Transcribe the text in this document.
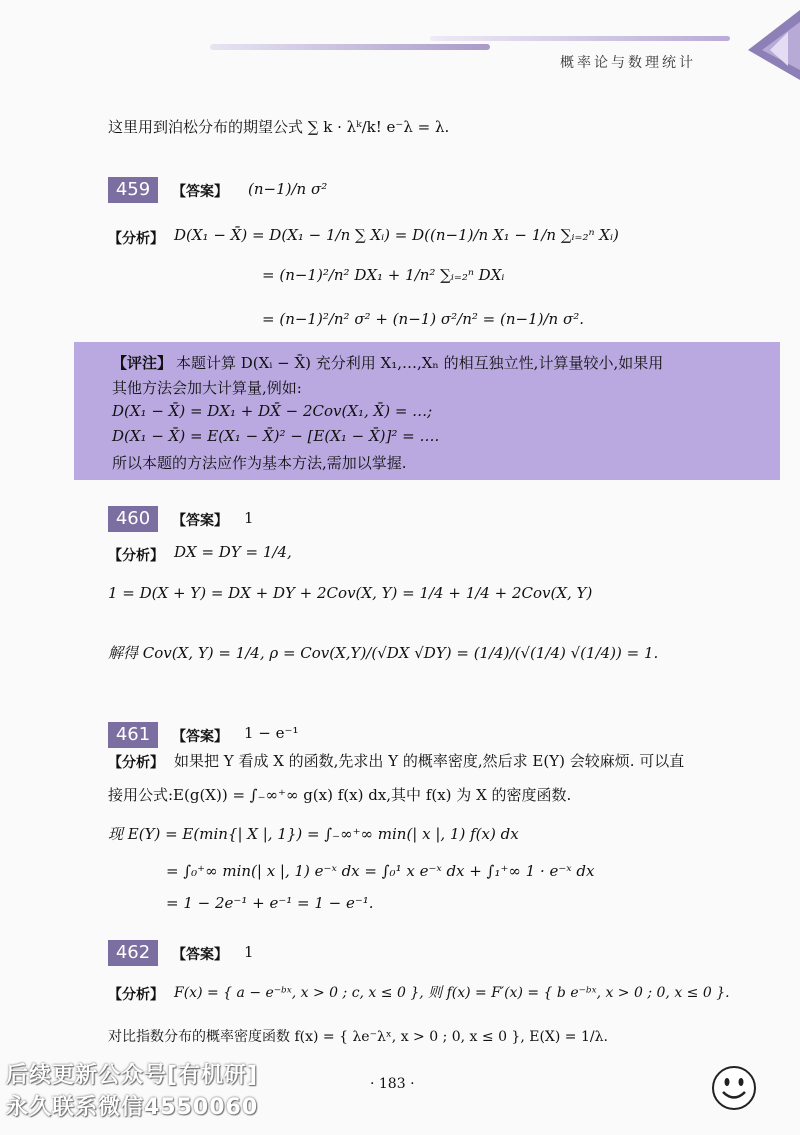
概率论与数理统计
这里用到泊松分布的期望公式 ∑ k · λᵏ/k! e⁻λ = λ.
459	【答案】 (n−1)/n σ²
【分析】 D(X₁ − X̄) = D(X₁ − 1/n ∑ Xᵢ) = D((n−1)/n X₁ − 1/n ∑ᵢ₌₂ⁿ Xᵢ)
= (n−1)²/n² DX₁ + 1/n² ∑ᵢ₌₂ⁿ DXᵢ
= (n−1)²/n² σ² + (n−1) σ²/n² = (n−1)/n σ².
【评注】 本题计算 D(Xᵢ − X̄) 充分利用 X₁,…,Xₙ 的相互独立性,计算量较小,如果用
其他方法会加大计算量,例如:
D(X₁ − X̄) = DX₁ + DX̄ − 2Cov(X₁, X̄) = …;
D(X₁ − X̄) = E(X₁ − X̄)² − [E(X₁ − X̄)]² = ….
所以本题的方法应作为基本方法,需加以掌握.
460	【答案】 1
【分析】 DX = DY = 1/4,
1 = D(X + Y) = DX + DY + 2Cov(X, Y) = 1/4 + 1/4 + 2Cov(X, Y)
解得 Cov(X, Y) = 1/4, ρ = Cov(X,Y)/(√DX √DY) = (1/4)/(√(1/4) √(1/4)) = 1.
461	【答案】 1 − e⁻¹
【分析】 如果把 Y 看成 X 的函数,先求出 Y 的概率密度,然后求 E(Y) 会较麻烦. 可以直
接用公式:E(g(X)) = ∫₋∞⁺∞ g(x) f(x) dx,其中 f(x) 为 X 的密度函数.
现 E(Y) = E(min{| X |, 1}) = ∫₋∞⁺∞ min(| x |, 1) f(x) dx
= ∫₀⁺∞ min(| x |, 1) e⁻ˣ dx = ∫₀¹ x e⁻ˣ dx + ∫₁⁺∞ 1 · e⁻ˣ dx
= 1 − 2e⁻¹ + e⁻¹ = 1 − e⁻¹.
462	【答案】 1
【分析】 F(x) = { a − e⁻ᵇˣ, x > 0 ; c, x ≤ 0 }, 则 f(x) = F′(x) = { b e⁻ᵇˣ, x > 0 ; 0, x ≤ 0 }.
对比指数分布的概率密度函数 f(x) = { λe⁻λˣ, x > 0 ; 0, x ≤ 0 }, E(X) = 1/λ.
· 183 ·
后续更新公众号[有机研]
永久联系微信4550060
